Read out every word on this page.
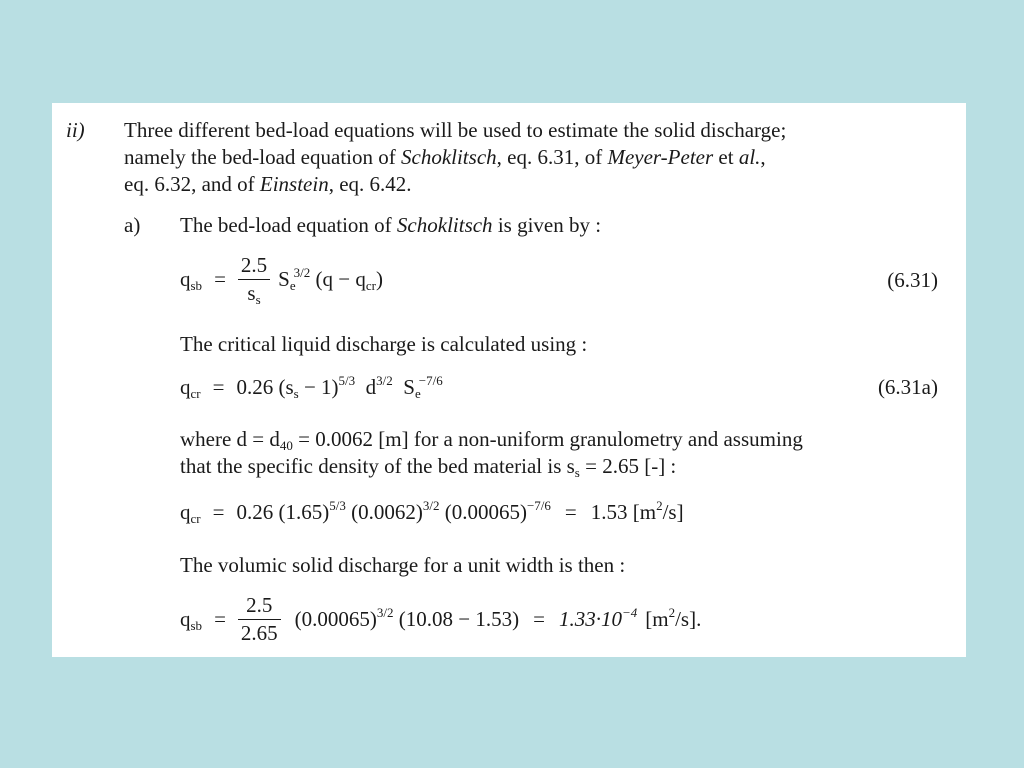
ii) Three different bed-load equations will be used to estimate the solid discharge;
namely the bed-load equation of Schoklitsch, eq. 6.31, of Meyer-Peter et al.,
eq. 6.32, and of Einstein, eq. 6.42.
a) The bed-load equation of Schoklitsch is given by :
$q_{sb} = \frac{2.5}{s_s} S_e^{3/2}$ $(q - q_{cr})$	(6.31)
The critical liquid discharge is calculated using :
$q_{cr} = 0.26$ $(s_s - 1)^{5/3}$  $d^{3/2}$  $S_e^{-7/6}$	(6.31a)
where $d = d_{40} = 0.0062$ [m] for a non-uniform granulometry and assuming
that the specific density of the bed material is $s_s = 2.65$ [-] :
$q_{cr} = 0.26$ $(1.65)^{5/3}$ $(0.0062)^{3/2}$ $(0.00065)^{-7/6} = 1.53$ $[m^2/s]$
The volumic solid discharge for a unit width is then :
$q_{sb} = \frac{2.5}{2.65} (0.00065)^{3/2}$ $(10.08 - 1.53) = 1.33\cdot 10^{-4}$ $[m^2/s]$.
